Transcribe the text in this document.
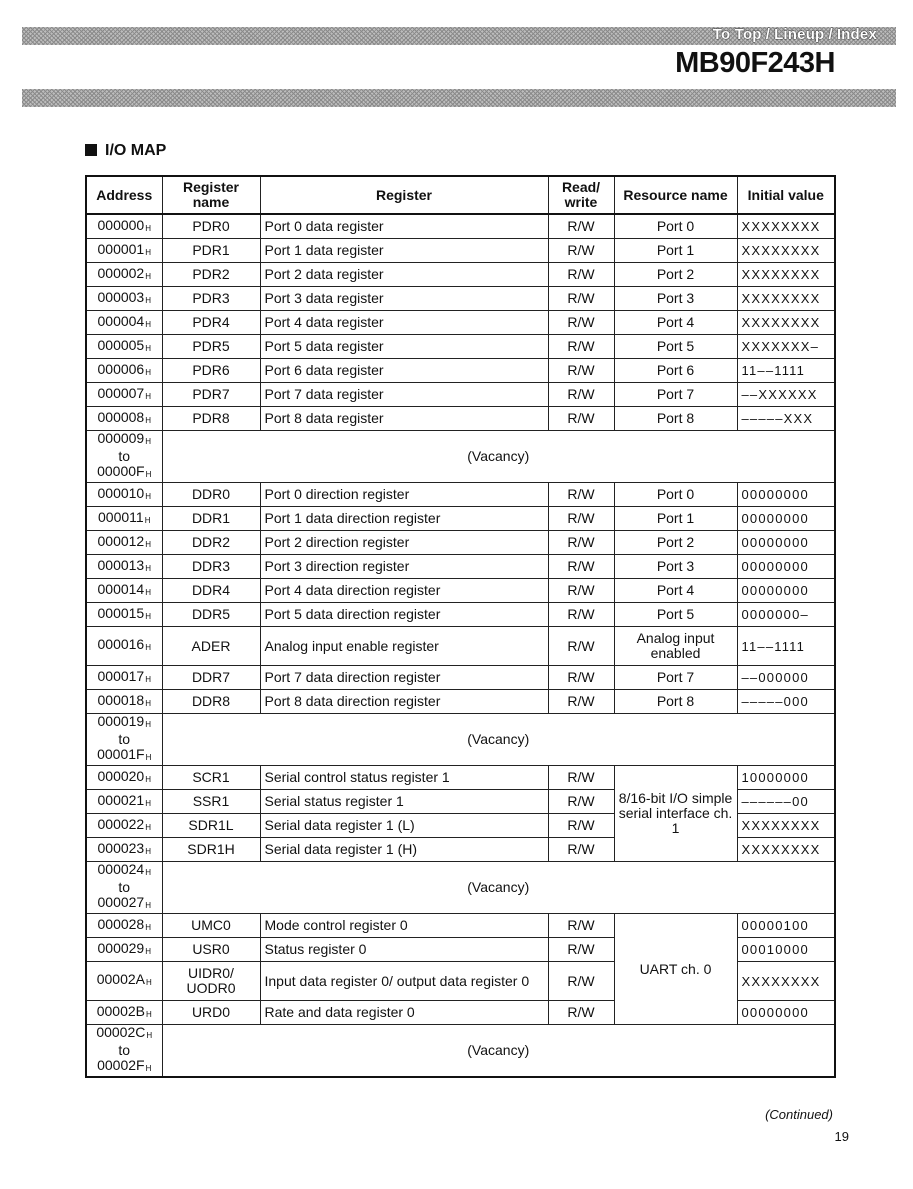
To Top / Lineup / Index
MB90F243H
I/O MAP
Address	Register name	Register	Read/ write	Resource name	Initial value
000000H	PDR0	Port 0 data register	R/W	Port 0	XXXXXXXX
000001H	PDR1	Port 1 data register	R/W	Port 1	XXXXXXXX
000002H	PDR2	Port 2 data register	R/W	Port 2	XXXXXXXX
000003H	PDR3	Port 3 data register	R/W	Port 3	XXXXXXXX
000004H	PDR4	Port 4 data register	R/W	Port 4	XXXXXXXX
000005H	PDR5	Port 5 data register	R/W	Port 5	XXXXXXX–
000006H	PDR6	Port 6 data register	R/W	Port 6	11––1111
000007H	PDR7	Port 7 data register	R/W	Port 7	––XXXXXX
000008H	PDR8	Port 8 data register	R/W	Port 8	–––––XXX

000009H
to
00000FH	(Vacancy)				
000010H	DDR0	Port 0 direction register	R/W	Port 0	00000000
000011H	DDR1	Port 1 data direction register	R/W	Port 1	00000000
000012H	DDR2	Port 2 direction register	R/W	Port 2	00000000
000013H	DDR3	Port 3 direction register	R/W	Port 3	00000000
000014H	DDR4	Port 4 data direction register	R/W	Port 4	00000000
000015H	DDR5	Port 5 data direction register	R/W	Port 5	0000000–
000016H	ADER	Analog input enable register	R/W	Analog input enabled	11––1111
000017H	DDR7	Port 7 data direction register	R/W	Port 7	––000000
000018H	DDR8	Port 8 data direction register	R/W	Port 8	–––––000

000019H
to
00001FH	(Vacancy)				
000020H	SCR1	Serial control status register 1	R/W	8/16-bit I/O simple serial interface ch. 1	10000000
000021H	SSR1	Serial status register 1	R/W		––––––00
000022H	SDR1L	Serial data register 1 (L)	R/W		XXXXXXXX
000023H	SDR1H	Serial data register 1 (H)	R/W		XXXXXXXX

000024H
to
000027H	(Vacancy)				
000028H	UMC0	Mode control register 0	R/W	UART ch. 0	00000100
000029H	USR0	Status register 0	R/W		00010000
00002AH	UIDR0/ UODR0	Input data register 0/ output data register 0	R/W		XXXXXXXX
00002BH	URD0	Rate and data register 0	R/W		00000000

00002CH
to
00002FH	(Vacancy)				
(Continued)
19
